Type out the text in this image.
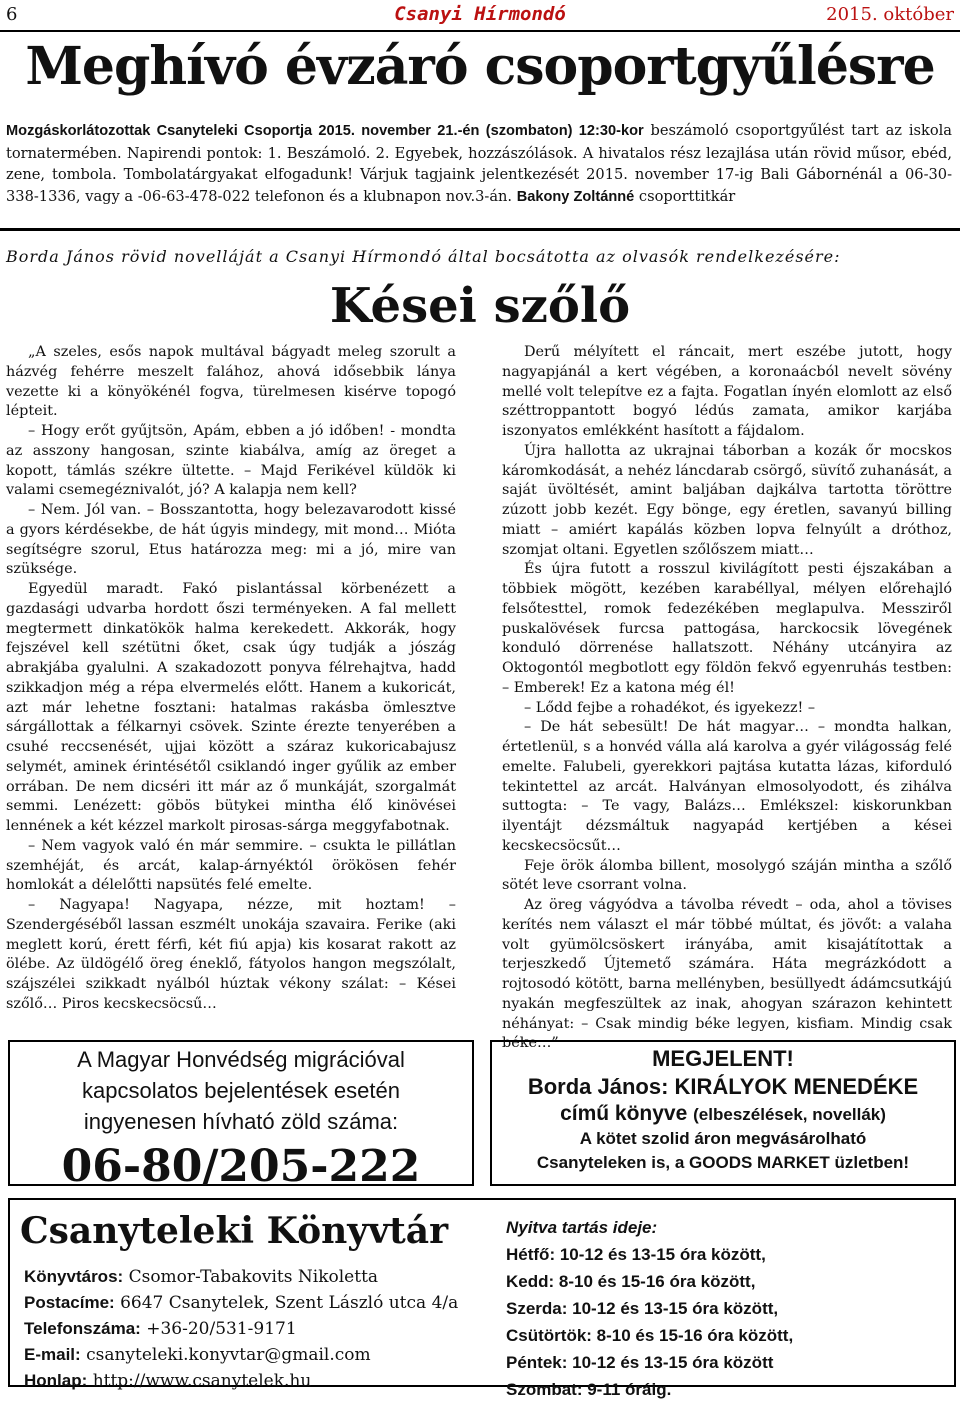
6	Csanyi Hírmondó	2015. október
Meghívó évzáró csoportgyűlésre
Mozgáskorlátozottak Csanyteleki Csoportja 2015. november 21.-én (szombaton) 12:30-kor beszámoló csoportgyűlést tart az iskola tornatermében. Napirendi pontok: 1. Beszámoló. 2. Egyebek, hozzászólások. A hivatalos rész lezajlása után rövid műsor, ebéd, zene, tombola. Tombolatárgyakat elfogadunk! Várjuk tagjaink jelentkezését 2015. november 17-ig Bali Gábornénál a 06-30-338-1336, vagy a -06-63-478-022 telefonon és a klubnapon nov.3-án. Bakony Zoltánné csoporttitkár
Borda János rövid novelláját a Csanyi Hírmondó által bocsátotta az olvasók rendelkezésére:
Kései szőlő

„A szeles, esős napok multával bágyadt meleg szorult a házvég fehérre meszelt falához, ahová idősebbik lánya vezette ki a könyökénél fogva, türelmesen kisérve topogó lépteit.

– Hogy erőt gyűjtsön, Apám, ebben a jó időben! - mondta az asszony hangosan, szinte kiabálva, amíg az öreget a kopott, támlás székre ültette. – Majd Ferikével küldök ki valami csemegéznivalót, jó? A kalapja nem kell?

– Nem. Jól van. – Bosszantotta, hogy belezavarodott kissé a gyors kérdésekbe, de hát úgyis mindegy, mit mond… Mióta segítségre szorul, Etus határozza meg: mi a jó, mire van szüksége.

Egyedül maradt. Fakó pislantással körbenézett a gazdasági udvarba hordott őszi terményeken. A fal mellett megtermett dinkatökök halma kerekedett. Akkorák, hogy fejszével kell szétütni őket, csak úgy tudják a jószág abrakjába gyalulni. A szakadozott ponyva félrehajtva, hadd szikkadjon még a répa elvermelés előtt. Hanem a kukoricát, azt már lehetne fosztani: hatalmas rakásba ömlesztve sárgállottak a félkarnyi csövek. Szinte érezte tenyerében a csuhé reccsenését, ujjai között a száraz kukoricabajusz selymét, aminek érintésétől csiklandó inger gyűlik az ember orrában. De nem dicséri itt már az ő munkáját, szorgalmát semmi. Lenézett: göbös bütykei mintha élő kinövései lennének a két kézzel markolt pirosas-sárga meggyfabotnak.

– Nem vagyok való én már semmire. – csukta le pillátlan szemhéját, és arcát, kalap-árnyéktól örökösen fehér homlokát a délelőtti napsütés felé emelte.

– Nagyapa! Nagyapa, nézze, mit hoztam! – Szendergéséből lassan eszmélt unokája szavaira. Ferike (aki meglett korú, érett férfi, két fiú apja) kis kosarat rakott az ölébe. Az üldögélő öreg éneklő, fátyolos hangon megszólalt, szájszélei szikkadt nyálból húztak vékony szálat: – Kései szőlő… Piros kecskecsöcsű…

Derű mélyített el ráncait, mert eszébe jutott, hogy nagyapjánál a kert végében, a koronaácból nevelt sövény mellé volt telepítve ez a fajta. Fogatlan ínyén elomlott az első széttroppantott bogyó lédús zamata, amikor karjába iszonyatos emlékként hasított a fájdalom.

Újra hallotta az ukrajnai táborban a kozák őr mocskos káromkodását, a nehéz láncdarab csörgő, süvítő zuhanását, a saját üvöltését, amint baljában dajkálva tartotta töröttre zúzott jobb kezét. Egy bönge, egy éretlen, savanyú billing miatt – amiért kapálás közben lopva felnyúlt a dróthoz, szomjat oltani. Egyetlen szőlőszem miatt…

És újra futott a rosszul kivilágított pesti éjszakában a többiek mögött, kezében karabéllyal, mélyen előrehajló felsőtesttel, romok fedezékében meglapulva. Messziről puskalövések furcsa pattogása, harckocsik lövegének konduló dörrenése hallatszott. Néhány utcányira az Oktogontól megbotlott egy földön fekvő egyenruhás testben: – Emberek! Ez a katona még él!

– Lődd fejbe a rohadékot, és igyekezz! –

– De hát sebesült! De hát magyar… – mondta halkan, értetlenül, s a honvéd válla alá karolva a gyér világosság felé emelte. Falubeli, gyerekkori pajtása kutatta lázas, kiforduló tekintettel az arcát. Halványan elmosolyodott, és zihálva suttogta: – Te vagy, Balázs… Emlékszel: kiskorunkban ilyentájt dézsmáltuk nagyapád kertjében a kései kecskecsöcsűt…

Feje örök álomba billent, mosolygó száján mintha a szőlő sötét leve csorrant volna.

Az öreg vágyódva a távolba révedt – oda, ahol a tövises kerítés nem választ el már többé múltat, és jövőt: a valaha volt gyümölcsöskert irányába, amit kisajátítottak a terjeszkedő Újtemető számára. Háta megrázkódott a rojtosodó kötött, barna mellényben, besüllyedt ádámcsutkájú nyakán megfeszültek az inak, ahogyan szárazon kehintett néhányat: – Csak mindig béke legyen, kisfiam. Mindig csak béke…”

A Magyar Honvédség migrációval
kapcsolatos bejelentések esetén
ingyenesen hívható zöld száma:
06-80/205-222
MEGJELENT!
Borda János: KIRÁLYOK MENEDÉKE
című könyve (elbeszélések, novellák)
A kötet szolid áron megvásárolható
Csanyteleken is, a GOODS MARKET üzletben!
Csanyteleki Könyvtár
Könyvtáros: Csomor-Tabakovits Nikoletta
Postacíme: 6647 Csanytelek, Szent László utca 4/a
Telefonszáma: +36-20/531-9171
E-mail: csanyteleki.konyvtar@gmail.com
Honlap: http://www.csanytelek.hu
Nyitva tartás ideje:
Hétfő: 10-12 és 13-15 óra között,
Kedd: 8-10 és 15-16 óra között,
Szerda: 10-12 és 13-15 óra között,
Csütörtök: 8-10 és 15-16 óra között,
Péntek: 10-12 és 13-15 óra között
Szombat: 9-11 óráig.
